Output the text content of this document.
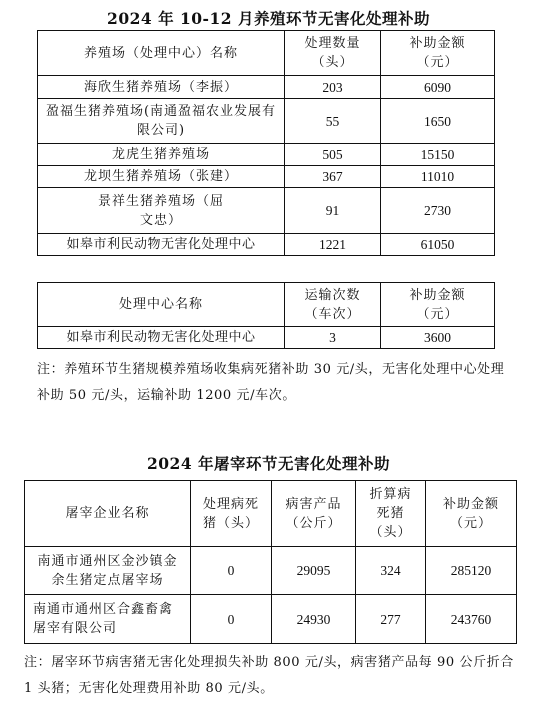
2024 年 10-12 月养殖环节无害化处理补助
养殖场（处理中心）名称	处理数量（头）	补助金额（元）
海欣生猪养殖场（李振）	203	6090
盈福生猪养殖场(南通盈福农业发展有限公司)	55	1650
龙虎生猪养殖场	505	15150
龙坝生猪养殖场（张建）	367	11010
景祥生猪养殖场（屈文忠）	91	2730
如皋市利民动物无害化处理中心	1221	61050
处理中心名称	运输次数（车次）	补助金额（元）
如皋市利民动物无害化处理中心	3	3600
注：养殖环节生猪规模养殖场收集病死猪补助 30 元/头，无害化处理中心处理补助 50 元/头，运输补助 1200 元/车次。
2024 年屠宰环节无害化处理补助
屠宰企业名称	处理病死猪（头）	病害产品（公斤）	折算病死猪（头）	补助金额（元）
南通市通州区金沙镇金余生猪定点屠宰场	0	29095	324	285120
南通市通州区合鑫畜禽屠宰有限公司	0	24930	277	243760
注：屠宰环节病害猪无害化处理损失补助 800 元/头，病害猪产品每 90 公斤折合 1 头猪；无害化处理费用补助 80 元/头。
